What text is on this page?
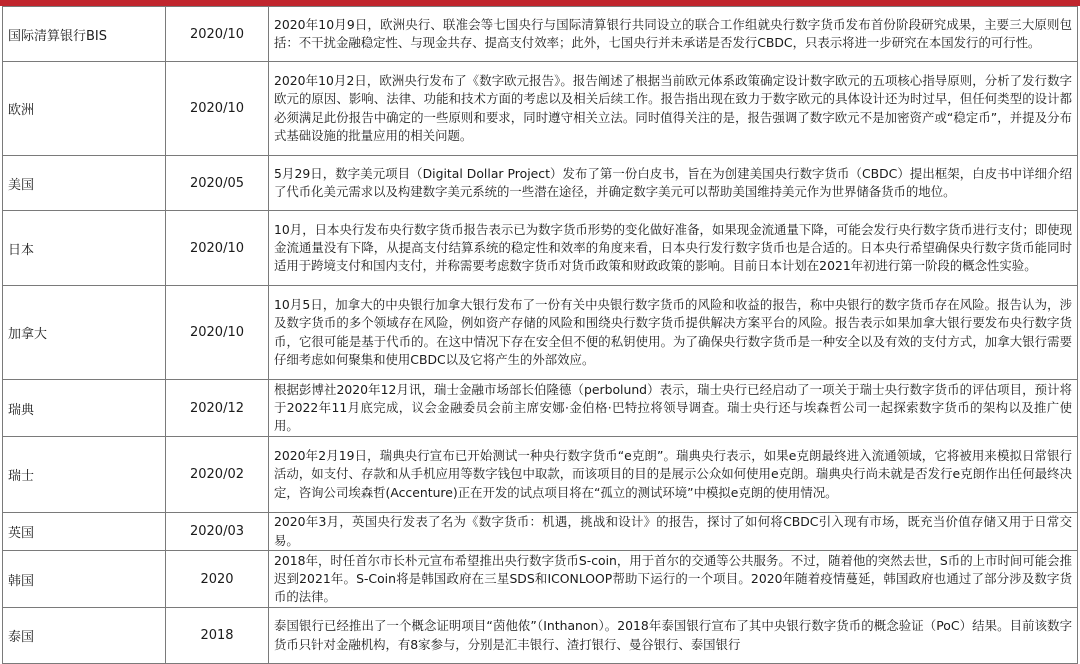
国际清算银行BIS	2020/10	2020年10月9日，欧洲央行、联准会等七国央行与国际清算银行共同设立的联合工作组就央行数字货币发布首份阶段研究成果，主要三大原则包括：不干扰金融稳定性、与现金共存、提高支付效率；此外，七国央行并未承诺是否发行CBDC，只表示将进一步研究在本国发行的可行性。
欧洲	2020/10	2020年10月2日，欧洲央行发布了《数字欧元报告》。报告阐述了根据当前欧元体系政策确定设计数字欧元的五项核心指导原则，分析了发行数字欧元的原因、影响、法律、功能和技术方面的考虑以及相关后续工作。报告指出现在致力于数字欧元的具体设计还为时过早，但任何类型的设计都必须满足此份报告中确定的一些原则和要求，同时遵守相关立法。同时值得关注的是，报告强调了数字欧元不是加密资产或“稳定币”，并提及分布式基础设施的批量应用的相关问题。
美国	2020/05	5月29日，数字美元项目（Digital Dollar Project）发布了第一份白皮书，旨在为创建美国央行数字货币（CBDC）提出框架，白皮书中详细介绍了代币化美元需求以及构建数字美元系统的一些潜在途径，并确定数字美元可以帮助美国维持美元作为世界储备货币的地位。
日本	2020/10	10月，日本央行发布央行数字货币报告表示已为数字货币形势的变化做好准备，如果现金流通量下降，可能会发行央行数字货币进行支付；即使现金流通量没有下降，从提高支付结算系统的稳定性和效率的角度来看，日本央行发行数字货币也是合适的。日本央行希望确保央行数字货币能同时适用于跨境支付和国内支付，并称需要考虑数字货币对货币政策和财政政策的影响。目前日本计划在2021年初进行第一阶段的概念性实验。
加拿大	2020/10	10月5日，加拿大的中央银行加拿大银行发布了一份有关中央银行数字货币的风险和收益的报告，称中央银行的数字货币存在风险。报告认为，涉及数字货币的多个领域存在风险，例如资产存储的风险和围绕央行数字货币提供解决方案平台的风险。报告表示如果加拿大银行要发布央行数字货币，它很可能是基于代币的。在这中情况下存在安全但不便的私钥使用。为了确保央行数字货币是一种安全以及有效的支付方式，加拿大银行需要仔细考虑如何聚集和使用CBDC以及它将产生的外部效应。
瑞典	2020/12	根据彭博社2020年12月讯，瑞士金融市场部长伯隆德（perbolund）表示，瑞士央行已经启动了一项关于瑞士央行数字货币的评估项目，预计将于2022年11月底完成，议会金融委员会前主席安娜·金伯格·巴特拉将领导调查。瑞士央行还与埃森哲公司一起探索数字货币的架构以及推广使用。
瑞士	2020/02	2020年2月19日，瑞典央行宣布已开始测试一种央行数字货币“e克朗”。瑞典央行表示，如果e克朗最终进入流通领域，它将被用来模拟日常银行活动，如支付、存款和从手机应用等数字钱包中取款，而该项目的目的是展示公众如何使用e克朗。瑞典央行尚未就是否发行e克朗作出任何最终决定，咨询公司埃森哲(Accenture)正在开发的试点项目将在“孤立的测试环境”中模拟e克朗的使用情况。
英国	2020/03	2020年3月，英国央行发表了名为《数字货币：机遇，挑战和设计》的报告，探讨了如何将CBDC引入现有市场，既充当价值存储又用于日常交易。
韩国	2020	2018年，时任首尔市长朴元宣布希望推出央行数字货币S-coin，用于首尔的交通等公共服务。不过，随着他的突然去世，S币的上市时间可能会推迟到2021年。S-Coin将是韩国政府在三星SDS和ICONLOOP帮助下运行的一个项目。2020年随着疫情蔓延，韩国政府也通过了部分涉及数字货币的法律。
泰国	2018	泰国银行已经推出了一个概念证明项目“茵他侬”（Inthanon）。2018年泰国银行宣布了其中央银行数字货币的概念验证（PoC）结果。目前该数字货币只针对金融机构，有8家参与，分别是汇丰银行、渣打银行、曼谷银行、泰国银行
